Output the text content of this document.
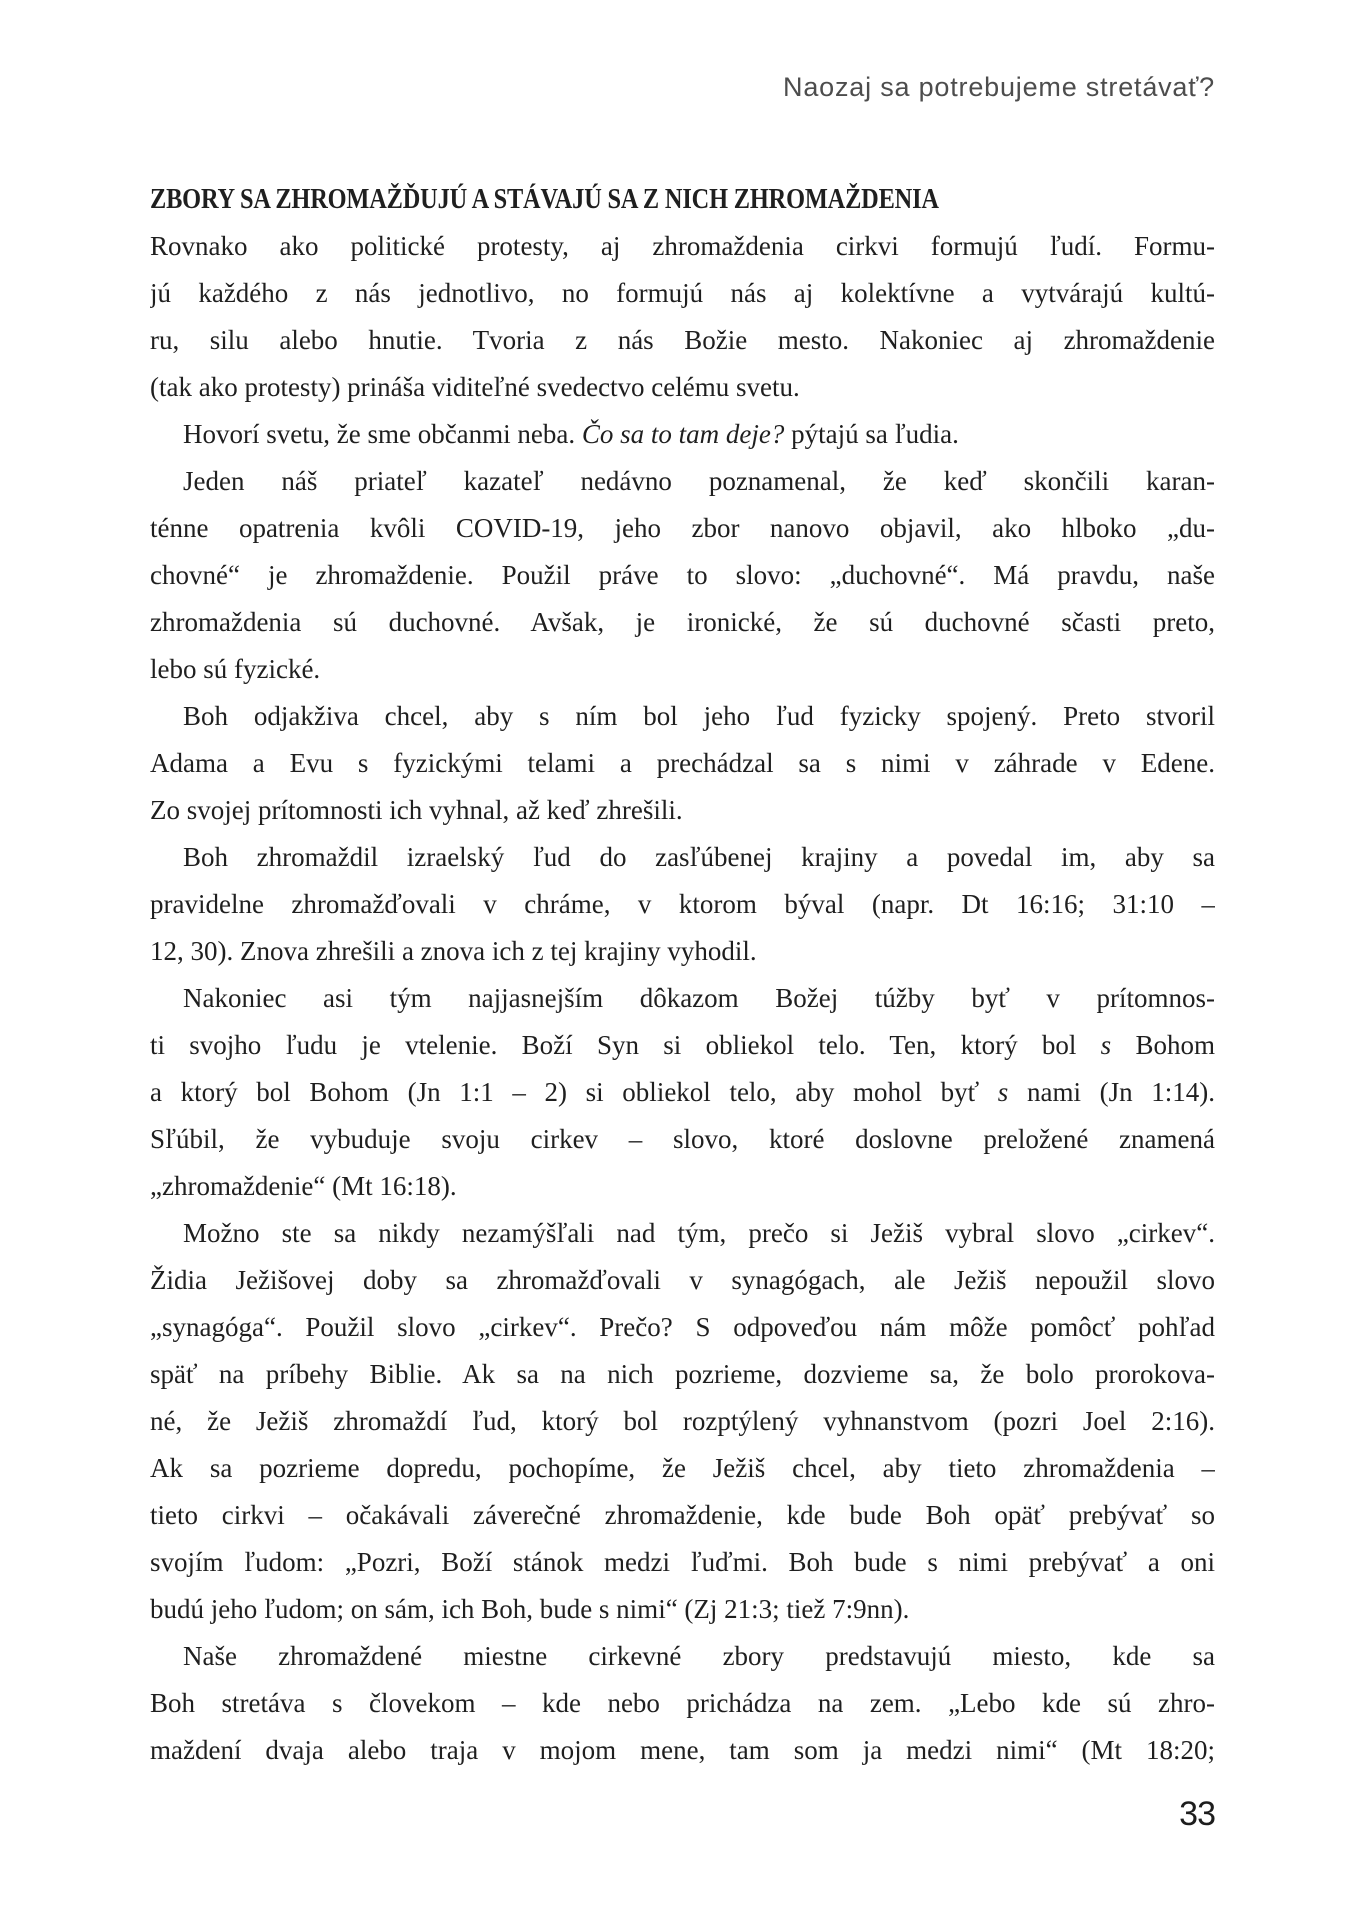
Naozaj sa potrebujeme stretávať?
ZBORY SA ZHROMAŽĎUJÚ A STÁVAJÚ SA Z NICH ZHROMAŽDENIA
Rovnako ako politické protesty, aj zhromaždenia cirkvi formujú ľudí. Formu-
jú každého z nás jednotlivo, no formujú nás aj kolektívne a vytvárajú kultú-
ru, silu alebo hnutie. Tvoria z nás Božie mesto. Nakoniec aj zhromaždenie
(tak ako protesty) prináša viditeľné svedectvo celému svetu.
Hovorí svetu, že sme občanmi neba. Čo sa to tam deje? pýtajú sa ľudia.
Jeden náš priateľ kazateľ nedávno poznamenal, že keď skončili karan-
ténne opatrenia kvôli COVID-19, jeho zbor nanovo objavil, ako hlboko „du-
chovné“ je zhromaždenie. Použil práve to slovo: „duchovné“. Má pravdu, naše
zhromaždenia sú duchovné. Avšak, je ironické, že sú duchovné sčasti preto,
lebo sú fyzické.
Boh odjakživa chcel, aby s ním bol jeho ľud fyzicky spojený. Preto stvoril
Adama a Evu s fyzickými telami a prechádzal sa s nimi v záhrade v Edene.
Zo svojej prítomnosti ich vyhnal, až keď zhrešili.
Boh zhromaždil izraelský ľud do zasľúbenej krajiny a povedal im, aby sa
pravidelne zhromažďovali v chráme, v ktorom býval (napr. Dt 16:16; 31:10 –
12, 30). Znova zhrešili a znova ich z tej krajiny vyhodil.
Nakoniec asi tým najjasnejším dôkazom Božej túžby byť v prítomnos-
ti svojho ľudu je vtelenie. Boží Syn si obliekol telo. Ten, ktorý bol s Bohom
a ktorý bol Bohom (Jn 1:1 – 2) si obliekol telo, aby mohol byť s nami (Jn 1:14).
Sľúbil, že vybuduje svoju cirkev – slovo, ktoré doslovne preložené znamená
„zhromaždenie“ (Mt 16:18).
Možno ste sa nikdy nezamýšľali nad tým, prečo si Ježiš vybral slovo „cirkev“.
Židia Ježišovej doby sa zhromažďovali v synagógach, ale Ježiš nepoužil slovo
„synagóga“. Použil slovo „cirkev“. Prečo? S odpoveďou nám môže pomôcť pohľad
späť na príbehy Biblie. Ak sa na nich pozrieme, dozvieme sa, že bolo prorokova-
né, že Ježiš zhromaždí ľud, ktorý bol rozptýlený vyhnanstvom (pozri Joel 2:16).
Ak sa pozrieme dopredu, pochopíme, že Ježiš chcel, aby tieto zhromaždenia –
tieto cirkvi – očakávali záverečné zhromaždenie, kde bude Boh opäť prebývať so
svojím ľudom: „Pozri, Boží stánok medzi ľuďmi. Boh bude s nimi prebývať a oni
budú jeho ľudom; on sám, ich Boh, bude s nimi“ (Zj 21:3; tiež 7:9nn).
Naše zhromaždené miestne cirkevné zbory predstavujú miesto, kde sa
Boh stretáva s človekom – kde nebo prichádza na zem. „Lebo kde sú zhro-
maždení dvaja alebo traja v mojom mene, tam som ja medzi nimi“ (Mt 18:20;
33
